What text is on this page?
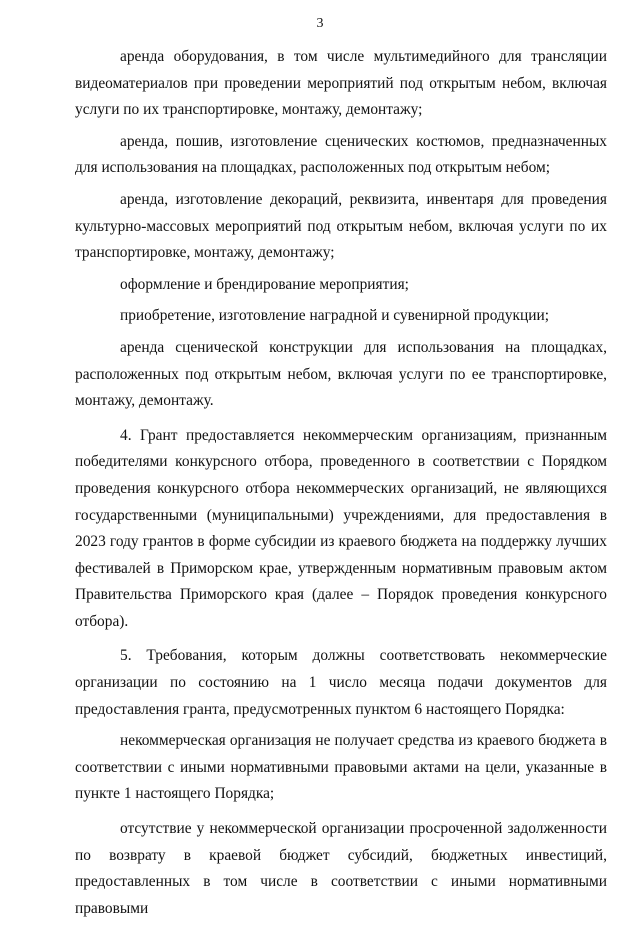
3

аренда оборудования, в том числе мультимедийного для трансляции видеоматериалов при проведении мероприятий под открытым небом, включая услуги по их транспортировке, монтажу, демонтажу;

аренда, пошив, изготовление сценических костюмов, предназначенных для использования на площадках, расположенных под открытым небом;

аренда, изготовление декораций, реквизита, инвентаря для проведения культурно-массовых мероприятий под открытым небом, включая услуги по их транспортировке, монтажу, демонтажу;

оформление и брендирование мероприятия;

приобретение, изготовление наградной и сувенирной продукции;

аренда сценической конструкции для использования на площадках, расположенных под открытым небом, включая услуги по ее транспортировке, монтажу, демонтажу.

4. Грант предоставляется некоммерческим организациям, признанным победителями конкурсного отбора, проведенного в соответствии с Порядком проведения конкурсного отбора некоммерческих организаций, не являющихся государственными (муниципальными) учреждениями, для предоставления в 2023 году грантов в форме субсидии из краевого бюджета на поддержку лучших фестивалей в Приморском крае, утвержденным нормативным правовым актом Правительства Приморского края (далее – Порядок проведения конкурсного отбора).

5. Требования, которым должны соответствовать некоммерческие организации по состоянию на 1 число месяца подачи документов для предоставления гранта, предусмотренных пунктом 6 настоящего Порядка:

некоммерческая организация не получает средства из краевого бюджета в соответствии с иными нормативными правовыми актами на цели, указанные в пункте 1 настоящего Порядка;

отсутствие у некоммерческой организации просроченной задолженности по возврату в краевой бюджет субсидий, бюджетных инвестиций, предоставленных в том числе в соответствии с иными нормативными правовыми
